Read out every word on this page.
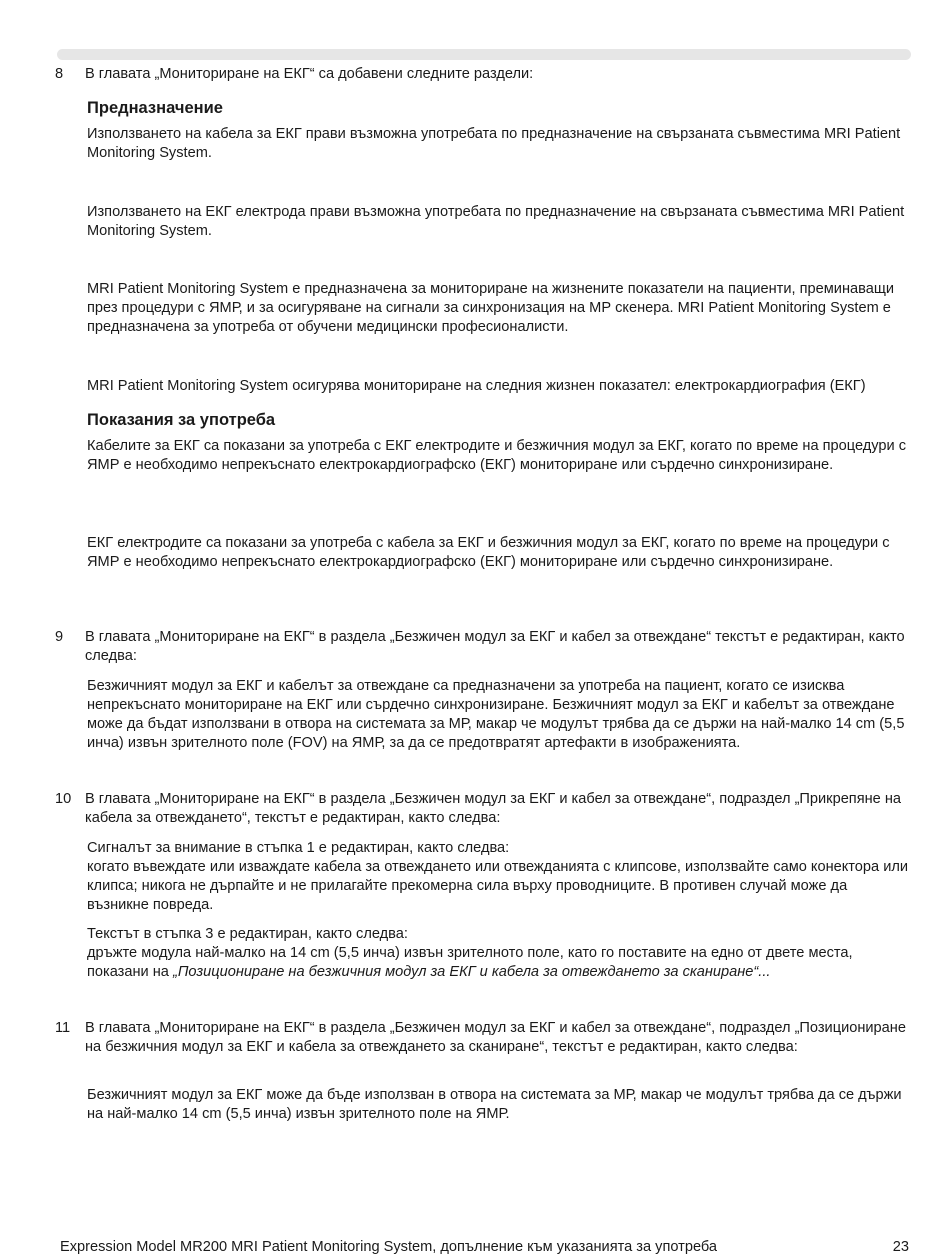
8	В главата „Мониториране на ЕКГ“ са добавени следните раздели:
Предназначение

Използването на кабела за ЕКГ прави възможна употребата по предназначение на свързаната съвместима MRI Patient Monitoring System.

Използването на ЕКГ електрода прави възможна употребата по предназначение на свързаната съвместима MRI Patient Monitoring System.

MRI Patient Monitoring System е предназначена за мониториране на жизнените показатели на пациенти, преминаващи през процедури с ЯМР, и за осигуряване на сигнали за синхронизация на МР скенера. MRI Patient Monitoring System е предназначена за употреба от обучени медицински професионалисти.

MRI Patient Monitoring System осигурява мониториране на следния жизнен показател: електрокардиография (ЕКГ)

Показания за употреба

Кабелите за ЕКГ са показани за употреба с ЕКГ електродите и безжичния модул за ЕКГ, когато по време на процедури с ЯМР е необходимо непрекъснато електрокардиографско (ЕКГ) мониториране или сърдечно синхронизиране.

ЕКГ електродите са показани за употреба с кабела за ЕКГ и безжичния модул за ЕКГ, когато по време на процедури с ЯМР е необходимо непрекъснато електрокардиографско (ЕКГ) мониториране или сърдечно синхронизиране.

9	В главата „Мониториране на ЕКГ“ в раздела „Безжичен модул за ЕКГ и кабел за отвеждане“ текстът е редактиран, както следва:

Безжичният модул за ЕКГ и кабелът за отвеждане са предназначени за употреба на пациент, когато се изисква непрекъснато мониториране на ЕКГ или сърдечно синхронизиране. Безжичният модул за ЕКГ и кабелът за отвеждане може да бъдат използвани в отвора на системата за МР, макар че модулът трябва да се държи на най-малко 14 cm (5,5 инча) извън зрителното поле (FOV) на ЯМР, за да се предотвратят артефакти в изображенията.

10 В главата „Мониториране на ЕКГ“ в раздела „Безжичен модул за ЕКГ и кабел за отвеждане“, подраздел „Прикрепяне на кабела за отвеждането“, текстът е редактиран, както следва:
Сигналът за внимание в стъпка 1 е редактиран, както следва:
когато въвеждате или изваждате кабела за отвеждането или отвежданията с клипсове, използвайте само конектора или клипса; никога не дърпайте и не прилагайте прекомерна сила върху проводниците. В противен случай може да възникне повреда.
Текстът в стъпка 3 е редактиран, както следва:
дръжте модула най-малко на 14 cm (5,5 инча) извън зрителното поле, като го поставите на едно от двете места, показани на „Позициониране на безжичния модул за ЕКГ и кабела за отвеждането за сканиране“...
11	В главата „Мониториране на ЕКГ“ в раздела „Безжичен модул за ЕКГ и кабел за отвеждане“, подраздел „Позициониране на безжичния модул за ЕКГ и кабела за отвеждането за сканиране“, текстът е редактиран, както следва:

Безжичният модул за ЕКГ може да бъде използван в отвора на системата за МР, макар че модулът трябва да се държи на най-малко 14 cm (5,5 инча) извън зрителното поле на ЯМР.

Expression Model MR200 MRI Patient Monitoring System, допълнение към указанията за употреба	23
